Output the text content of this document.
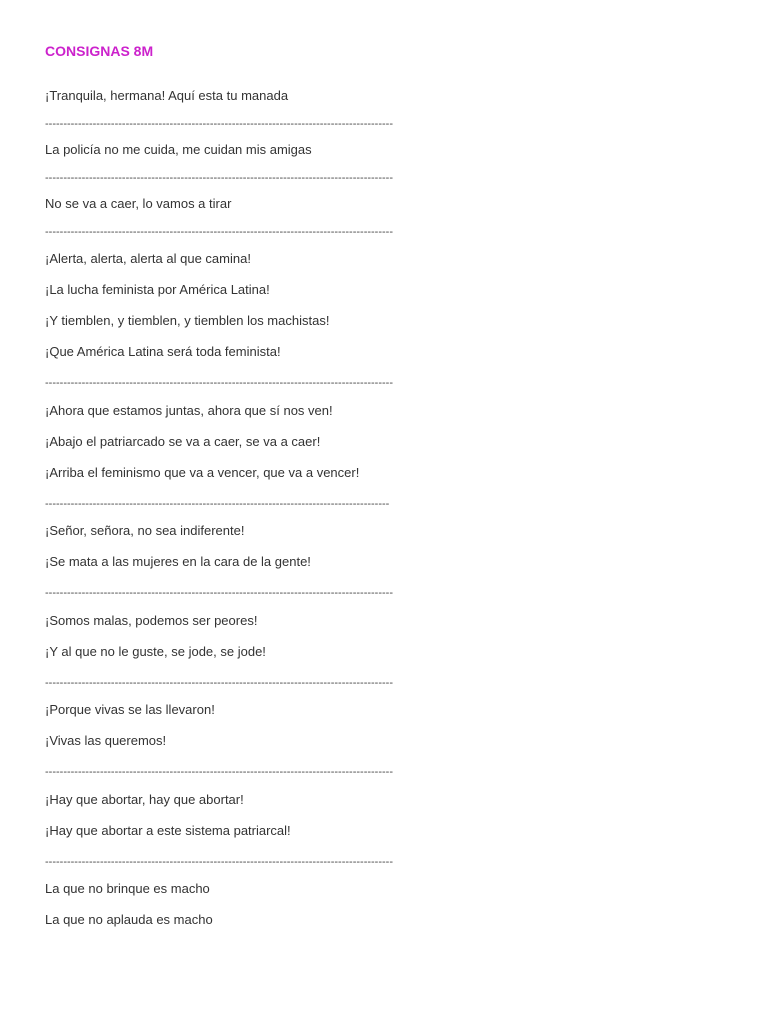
CONSIGNAS 8M
¡Tranquila, hermana! Aquí esta tu manada
-----------------------------------------------------------------------------------------------
La policía no me cuida, me cuidan mis amigas
-----------------------------------------------------------------------------------------------
No se va a caer, lo vamos a tirar
-----------------------------------------------------------------------------------------------
¡Alerta, alerta, alerta al que camina!
¡La lucha feminista por América Latina!
¡Y tiemblen, y tiemblen, y tiemblen los machistas!
¡Que América Latina será toda feminista!
-----------------------------------------------------------------------------------------------
¡Ahora que estamos juntas, ahora que sí nos ven!
¡Abajo el patriarcado se va a caer, se va a caer!
¡Arriba el feminismo que va a vencer, que va a vencer!
----------------------------------------------------------------------------------------------
¡Señor, señora, no sea indiferente!
¡Se mata a las mujeres en la cara de la gente!
-----------------------------------------------------------------------------------------------
¡Somos malas, podemos ser peores!
¡Y al que no le guste, se jode, se jode!
-----------------------------------------------------------------------------------------------
¡Porque vivas se las llevaron!
¡Vivas las queremos!
-----------------------------------------------------------------------------------------------
¡Hay que abortar, hay que abortar!
¡Hay que abortar a este sistema patriarcal!
-----------------------------------------------------------------------------------------------
La que no brinque es macho
La que no aplauda es macho
